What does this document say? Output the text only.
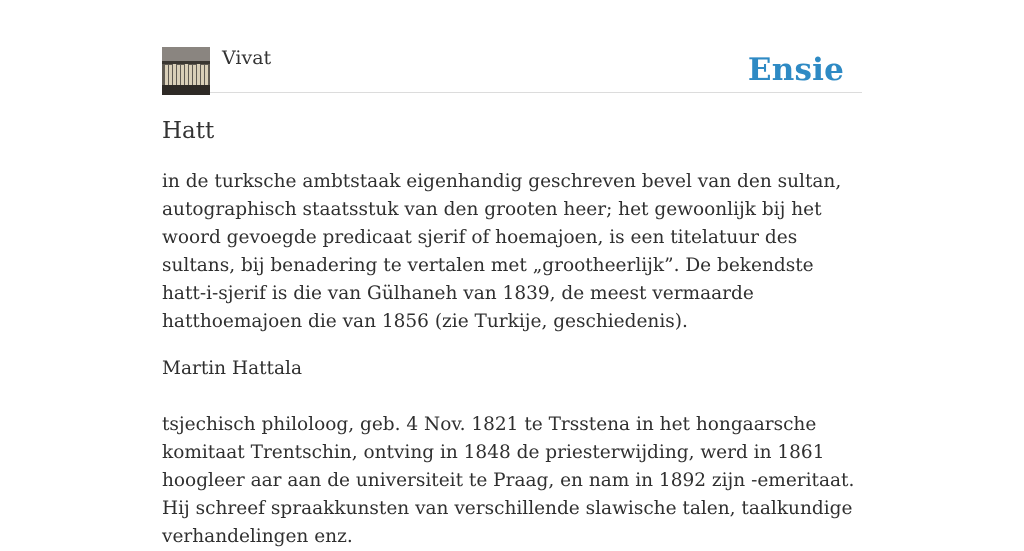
Vivat	Ensie
Hatt

in de turksche ambtstaak eigenhandig geschreven bevel van den sultan, autographisch staatsstuk van den grooten heer; het gewoonlijk bij het woord gevoegde predicaat sjerif of hoemajoen, is een titelatuur des sultans, bij benadering te vertalen met „grootheerlijk”. De bekendste hatt-i-sjerif is die van Gülhaneh van 1839, de meest vermaarde hatthoemajoen die van 1856 (zie Turkije, geschiedenis).

Martin Hattala

tsjechisch philoloog, geb. 4 Nov. 1821 te Trsstena in het hongaarsche komitaat Trentschin, ontving in 1848 de priesterwijding, werd in 1861 hoogleer aar aan de universiteit te Praag, en nam in 1892 zijn -emeritaat. Hij schreef spraakkunsten van verschillende slawische talen, taalkundige verhandelingen enz.
